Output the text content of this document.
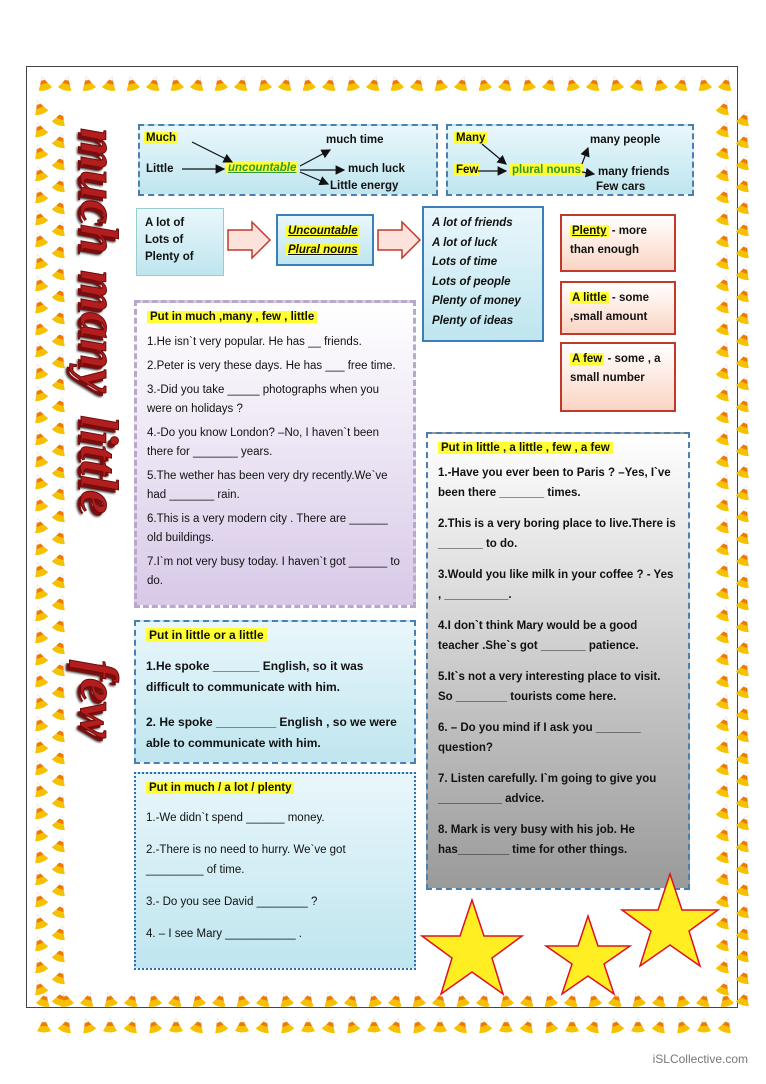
much
many
little
few
Much
Little	uncountable
much time
much luck
Little energy
Many
Few	plural nouns
many people
many friends
Few cars
A lot of
Lots of
Plenty of
Uncountable
Plural nouns
A lot of friends
A lot of luck
Lots of time
Lots of people
Plenty of money
Plenty of ideas
Plenty - more than enough
A little - some ,small amount
A few - some , a small number
Put in much ,many , few , little
1.He isn`t very popular. He has __ friends.
2.Peter is very these days. He has ___ free time.
3.-Did you take _____ photographs when you were on holidays ?
4.-Do you know London? –No, I haven`t been there for _______ years.
5.The wether has been very dry recently.We`ve had _______ rain.
6.This is a very modern city . There are ______ old buildings.
7.I`m not very busy today. I haven`t got ______ to do.
Put in little or a little
1.He spoke _______ English, so it was difficult to communicate with him.
2. He spoke _________ English , so we were able to communicate with him.
Put in much / a lot / plenty
1.-We didn`t spend ______ money.
2.-There is no need to hurry. We`ve got _________ of time.
3.- Do you see David ________ ?
4. – I see Mary ___________ .
Put in little , a little , few , a few
1.-Have you ever been to Paris ? –Yes, I`ve been there _______ times.
2.This is a very boring place to live.There is _______ to do.
3.Would you like milk in your coffee ? - Yes , __________.
4.I don`t think Mary would be a good teacher .She`s got _______ patience.
5.It`s not a very interesting place to visit. So ________ tourists come here.
6. – Do you mind if I ask you _______ question?
7. Listen carefully. I`m going to give you __________ advice.
8. Mark is very busy with his job. He has________ time for other things.
iSLCollective.com
